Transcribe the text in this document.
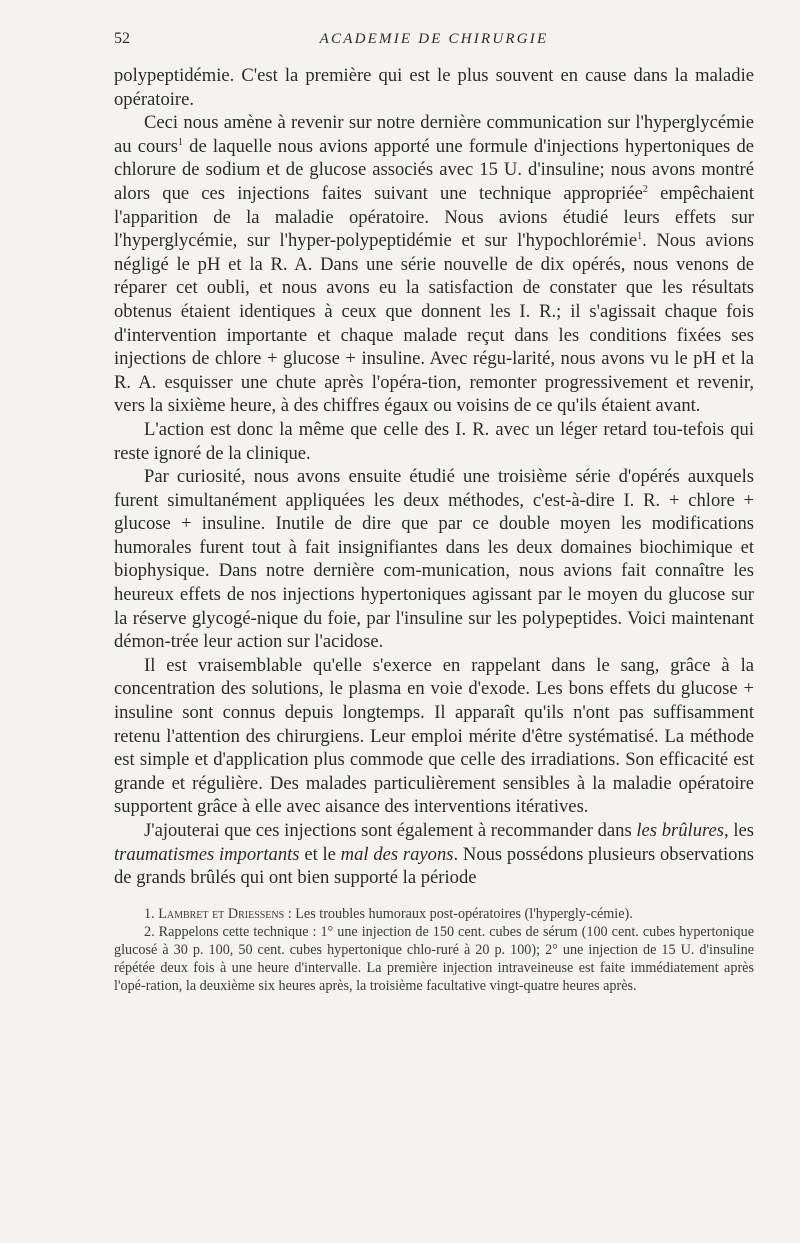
52	ACADEMIE DE CHIRURGIE

polypeptidémie. C'est la première qui est le plus souvent en cause dans la maladie opératoire.

Ceci nous amène à revenir sur notre dernière communication sur l'hyperglycémie au cours$^1$ de laquelle nous avions apporté une formule d'injections hypertoniques de chlorure de sodium et de glucose associés avec 15 U. d'insuline; nous avons montré alors que ces injections faites suivant une technique appropriée$^2$ empêchaient l'apparition de la maladie opératoire. Nous avions étudié leurs effets sur l'hyperglycémie, sur l'hyper-polypeptidémie et sur l'hypochlorémie$^1$. Nous avions négligé le pH et la R. A. Dans une série nouvelle de dix opérés, nous venons de réparer cet oubli, et nous avons eu la satisfaction de constater que les résultats obtenus étaient identiques à ceux que donnent les I. R.; il s'agissait chaque fois d'intervention importante et chaque malade reçut dans les conditions fixées ses injections de chlore + glucose + insuline. Avec régu-larité, nous avons vu le pH et la R. A. esquisser une chute après l'opéra-tion, remonter progressivement et revenir, vers la sixième heure, à des chiffres égaux ou voisins de ce qu'ils étaient avant.

L'action est donc la même que celle des I. R. avec un léger retard tou-tefois qui reste ignoré de la clinique.

Par curiosité, nous avons ensuite étudié une troisième série d'opérés auxquels furent simultanément appliquées les deux méthodes, c'est-à-dire I. R. + chlore + glucose + insuline. Inutile de dire que par ce double moyen les modifications humorales furent tout à fait insignifiantes dans les deux domaines biochimique et biophysique. Dans notre dernière com-munication, nous avions fait connaître les heureux effets de nos injections hypertoniques agissant par le moyen du glucose sur la réserve glycogé-nique du foie, par l'insuline sur les polypeptides. Voici maintenant démon-trée leur action sur l'acidose.

Il est vraisemblable qu'elle s'exerce en rappelant dans le sang, grâce à la concentration des solutions, le plasma en voie d'exode. Les bons effets du glucose + insuline sont connus depuis longtemps. Il apparaît qu'ils n'ont pas suffisamment retenu l'attention des chirurgiens. Leur emploi mérite d'être systématisé. La méthode est simple et d'application plus commode que celle des irradiations. Son efficacité est grande et régulière. Des malades particulièrement sensibles à la maladie opératoire supportent grâce à elle avec aisance des interventions itératives.

J'ajouterai que ces injections sont également à recommander dans les brûlures, les traumatismes importants et le mal des rayons. Nous possédons plusieurs observations de grands brûlés qui ont bien supporté la période

1. Lambret et Driessens : Les troubles humoraux post-opératoires (l'hypergly-cémie).

2. Rappelons cette technique : 1° une injection de 150 cent. cubes de sérum (100 cent. cubes hypertonique glucosé à 30 p. 100, 50 cent. cubes hypertonique chlo-ruré à 20 p. 100); 2° une injection de 15 U. d'insuline répétée deux fois à une heure d'intervalle. La première injection intraveineuse est faite immédiatement après l'opé-ration, la deuxième six heures après, la troisième facultative vingt-quatre heures après.
